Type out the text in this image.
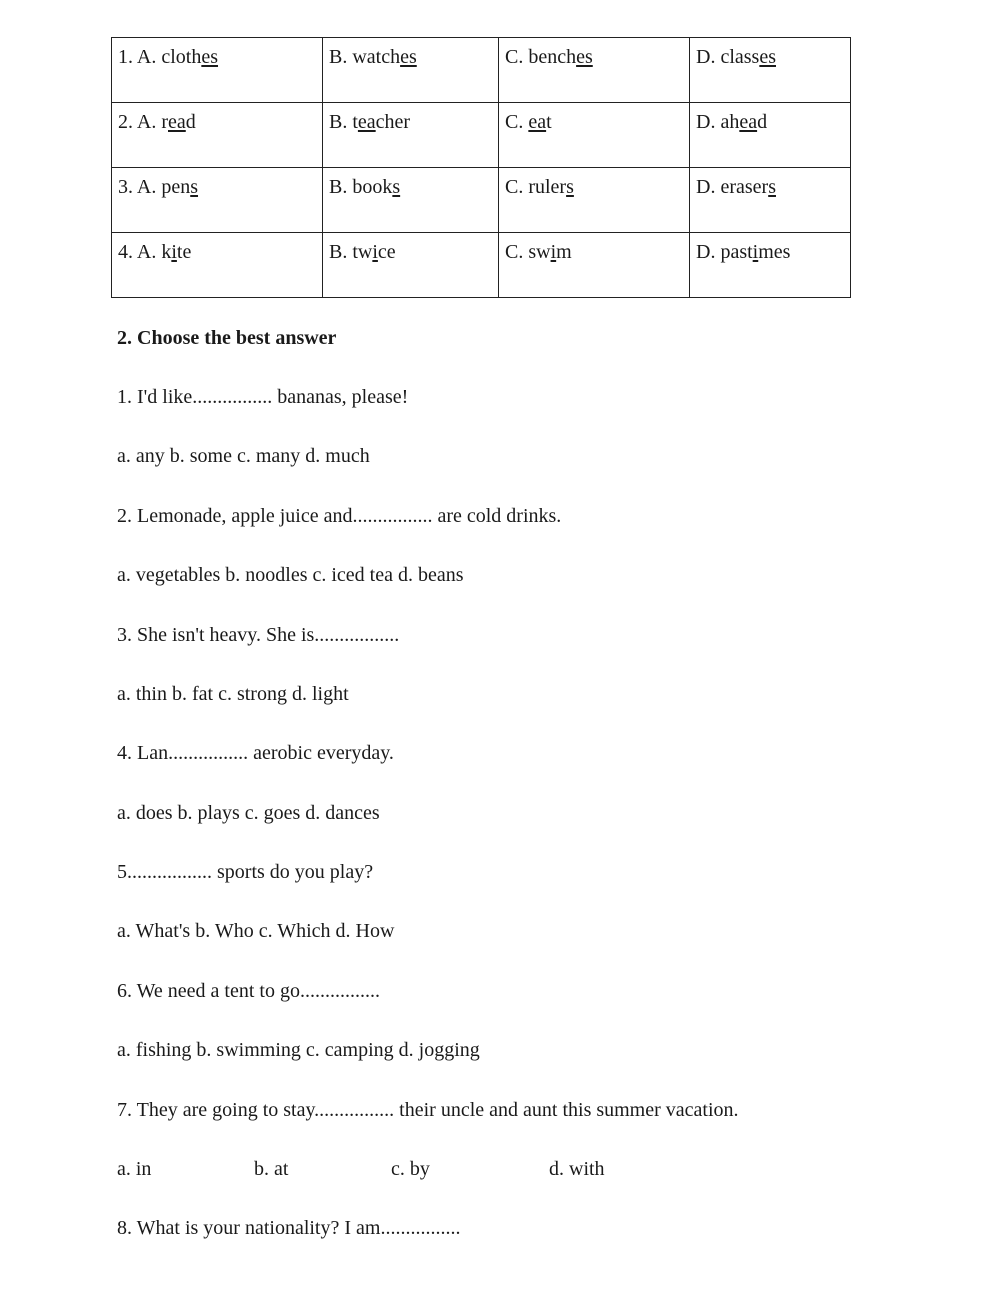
1. A. clothes	B. watches	C. benches	D. classes
2. A. read	B. teacher	C. eat	D. ahead
3. A. pens	B. books	C. rulers	D. erasers
4. A. kite	B. twice	C. swim	D. pastimes

2. Choose the best answer

1. I'd like................ bananas, please!
a. any b. some c. many d. much
2. Lemonade, apple juice and................ are cold drinks.
a. vegetables b. noodles c. iced tea d. beans
3. She isn't heavy. She is.................
a. thin b. fat c. strong d. light
4. Lan................ aerobic everyday.
a. does b. plays c. goes d. dances
5................. sports do you play?
a. What's b. Who c. Which d. How
6. We need a tent to go................
a. fishing b. swimming c. camping d. jogging
7. They are going to stay................ their uncle and aunt this summer vacation.
a. in	b. at	c. by	d. with
8. What is your nationality? I am................
